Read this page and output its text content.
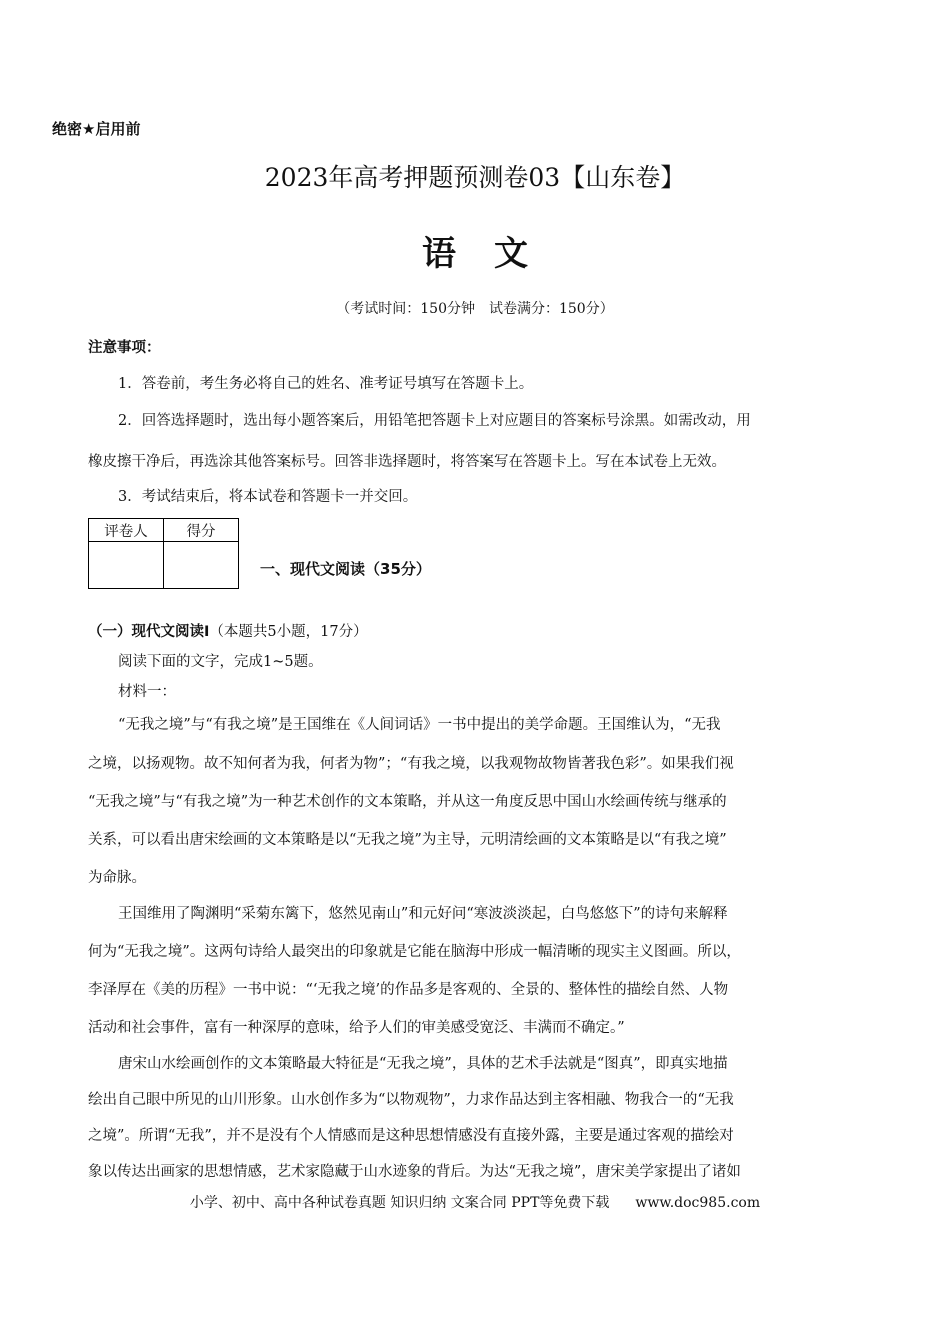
绝密★启用前
2023年高考押题预测卷03【山东卷】
语文
（考试时间：150分钟　试卷满分：150分）
注意事项：
1．答卷前，考生务必将自己的姓名、准考证号填写在答题卡上。
2．回答选择题时，选出每小题答案后，用铅笔把答题卡上对应题目的答案标号涂黑。如需改动，用
橡皮擦干净后，再选涂其他答案标号。回答非选择题时，将答案写在答题卡上。写在本试卷上无效。
3．考试结束后，将本试卷和答题卡一并交回。
评卷人	得分

一、现代文阅读（35分）
（一）现代文阅读Ⅰ（本题共5小题，17分）
阅读下面的文字，完成1~5题。
材料一：
“无我之境”与“有我之境”是王国维在《人间词话》一书中提出的美学命题。王国维认为，“无我
之境，以扬观物。故不知何者为我，何者为物”；“有我之境，以我观物故物皆著我色彩”。如果我们视
“无我之境”与“有我之境”为一种艺术创作的文本策略，并从这一角度反思中国山水绘画传统与继承的
关系，可以看出唐宋绘画的文本策略是以“无我之境”为主导，元明清绘画的文本策略是以“有我之境”
为命脉。
王国维用了陶渊明“采菊东篱下，悠然见南山”和元好问“寒波淡淡起，白鸟悠悠下”的诗句来解释
何为“无我之境”。这两句诗给人最突出的印象就是它能在脑海中形成一幅清晰的现实主义图画。所以，
李泽厚在《美的历程》一书中说：“‘无我之境’的作品多是客观的、全景的、整体性的描绘自然、人物
活动和社会事件，富有一种深厚的意味，给予人们的审美感受宽泛、丰满而不确定。”
唐宋山水绘画创作的文本策略最大特征是“无我之境”，具体的艺术手法就是“图真”，即真实地描
绘出自己眼中所见的山川形象。山水创作多为“以物观物”，力求作品达到主客相融、物我合一的“无我
之境”。所谓“无我”，并不是没有个人情感而是这种思想情感没有直接外露，主要是通过客观的描绘对
象以传达出画家的思想情感，艺术家隐藏于山水迹象的背后。为达“无我之境”，唐宋美学家提出了诸如
小学、初中、高中各种试卷真题 知识归纳 文案合同 PPT等免费下载 www.doc985.com
